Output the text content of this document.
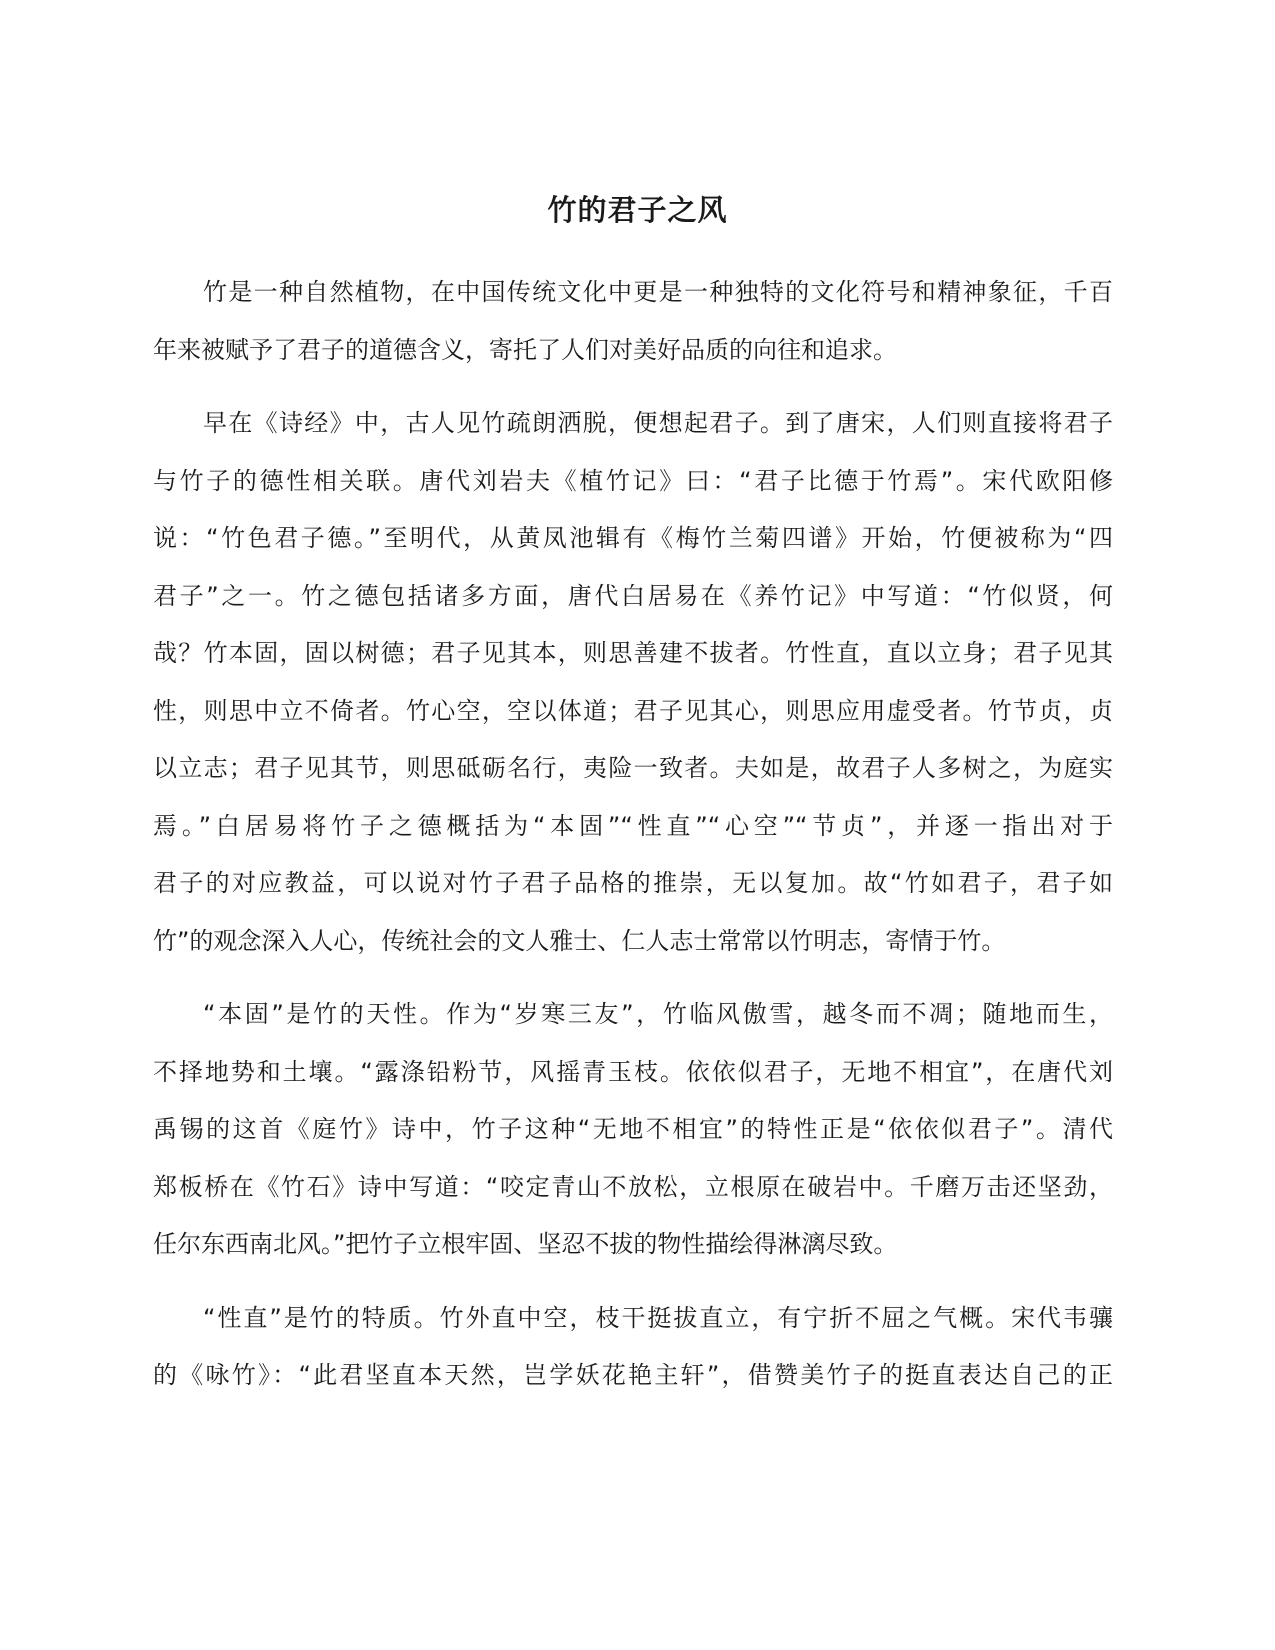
竹的君子之风

竹是一种自然植物，在中国传统文化中更是一种独特的文化符号和精神象征，千百
年来被赋予了君子的道德含义，寄托了人们对美好品质的向往和追求。

早在《诗经》中，古人见竹疏朗洒脱，便想起君子。到了唐宋，人们则直接将君子
与竹子的德性相关联。唐代刘岩夫《植竹记》曰：“君子比德于竹焉”。宋代欧阳修
说：“竹色君子德。”至明代，从黄凤池辑有《梅竹兰菊四谱》开始，竹便被称为“四
君子”之一。竹之德包括诸多方面，唐代白居易在《养竹记》中写道：“竹似贤，何
哉？竹本固，固以树德；君子见其本，则思善建不拔者。竹性直，直以立身；君子见其
性，则思中立不倚者。竹心空，空以体道；君子见其心，则思应用虚受者。竹节贞，贞
以立志；君子见其节，则思砥砺名行，夷险一致者。夫如是，故君子人多树之，为庭实
焉。”白居易将竹子之德概括为“本固”“性直”“心空”“节贞”，并逐一指出对于
君子的对应教益，可以说对竹子君子品格的推崇，无以复加。故“竹如君子，君子如
竹”的观念深入人心，传统社会的文人雅士、仁人志士常常以竹明志，寄情于竹。

“本固”是竹的天性。作为“岁寒三友”，竹临风傲雪，越冬而不凋；随地而生，
不择地势和土壤。“露涤铅粉节，风摇青玉枝。依依似君子，无地不相宜”，在唐代刘
禹锡的这首《庭竹》诗中，竹子这种“无地不相宜”的特性正是“依依似君子”。清代
郑板桥在《竹石》诗中写道：“咬定青山不放松，立根原在破岩中。千磨万击还坚劲，
任尔东西南北风。”把竹子立根牢固、坚忍不拔的物性描绘得淋漓尽致。

“性直”是竹的特质。竹外直中空，枝干挺拔直立，有宁折不屈之气概。宋代韦骧
的《咏竹》：“此君坚直本天然，岂学妖花艳主轩”，借赞美竹子的挺直表达自己的正
